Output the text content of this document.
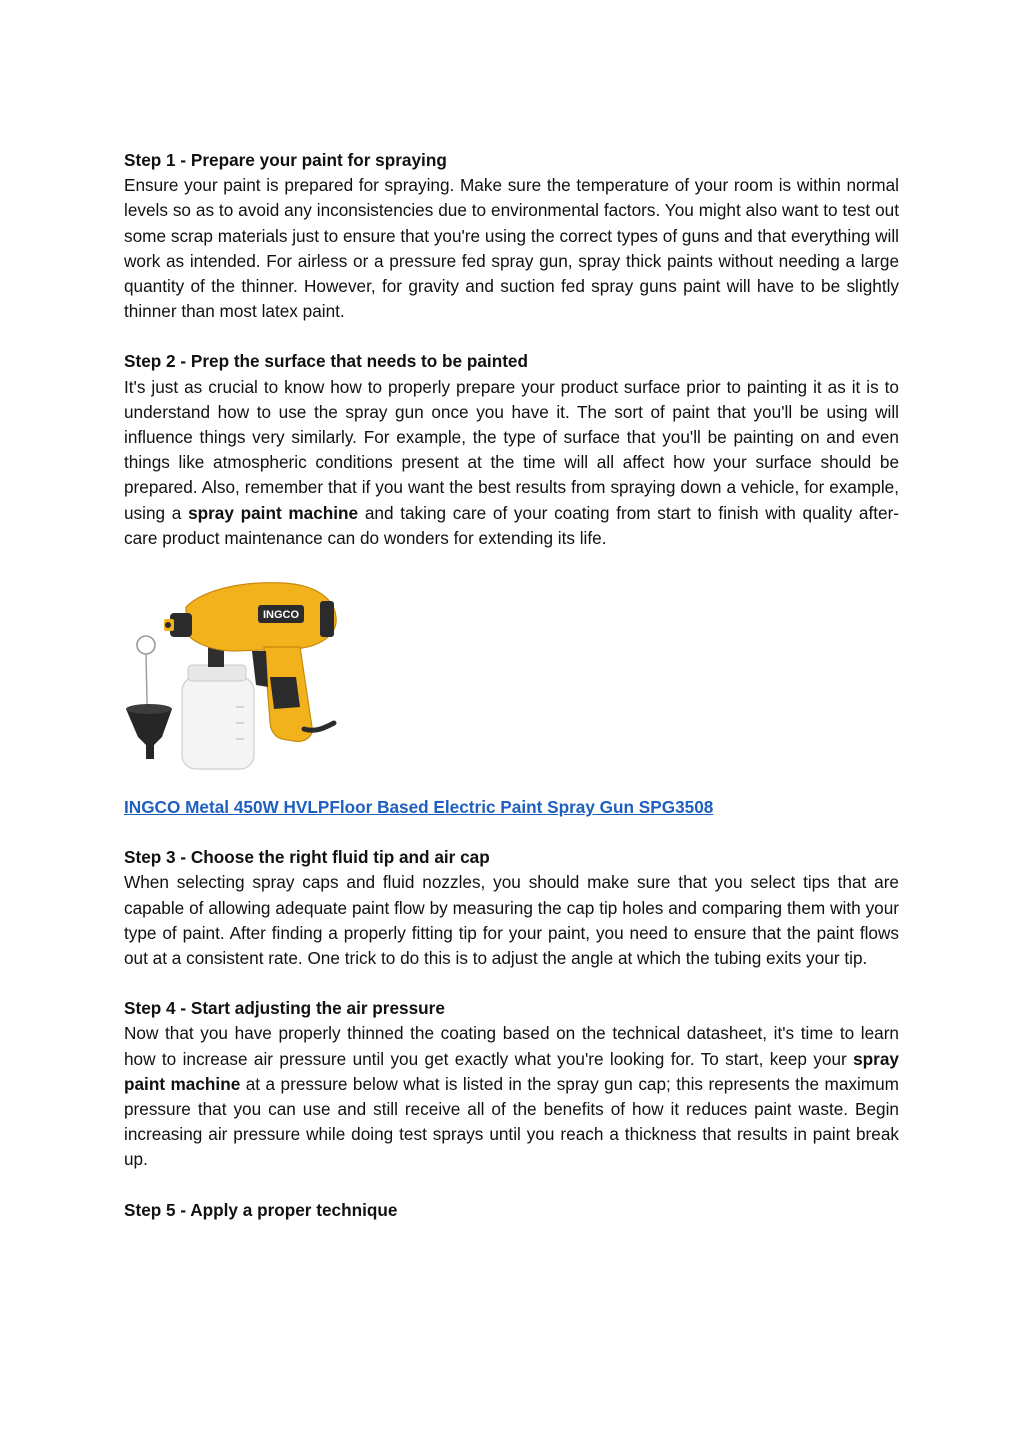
Step 1 - Prepare your paint for spraying

Ensure your paint is prepared for spraying. Make sure the temperature of your room is within normal levels so as to avoid any inconsistencies due to environmental factors. You might also want to test out some scrap materials just to ensure that you're using the correct types of guns and that everything will work as intended. For airless or a pressure fed spray gun, spray thick paints without needing a large quantity of the thinner. However, for gravity and suction fed spray guns paint will have to be slightly thinner than most latex paint.

Step 2 - Prep the surface that needs to be painted

It's just as crucial to know how to properly prepare your product surface prior to painting it as it is to understand how to use the spray gun once you have it. The sort of paint that you'll be using will influence things very similarly. For example, the type of surface that you'll be painting on and even things like atmospheric conditions present at the time will all affect how your surface should be prepared. Also, remember that if you want the best results from spraying down a vehicle, for example, using a spray paint machine and taking care of your coating from start to finish with quality after-care product maintenance can do wonders for extending its life.

INGCO
INGCO Metal 450W HVLPFloor Based Electric Paint Spray Gun SPG3508

Step 3 - Choose the right fluid tip and air cap

When selecting spray caps and fluid nozzles, you should make sure that you select tips that are capable of allowing adequate paint flow by measuring the cap tip holes and comparing them with your type of paint. After finding a properly fitting tip for your paint, you need to ensure that the paint flows out at a consistent rate. One trick to do this is to adjust the angle at which the tubing exits your tip.

Step 4 - Start adjusting the air pressure

Now that you have properly thinned the coating based on the technical datasheet, it's time to learn how to increase air pressure until you get exactly what you're looking for. To start, keep your spray paint machine at a pressure below what is listed in the spray gun cap; this represents the maximum pressure that you can use and still receive all of the benefits of how it reduces paint waste. Begin increasing air pressure while doing test sprays until you reach a thickness that results in paint break up.

Step 5 - Apply a proper technique
